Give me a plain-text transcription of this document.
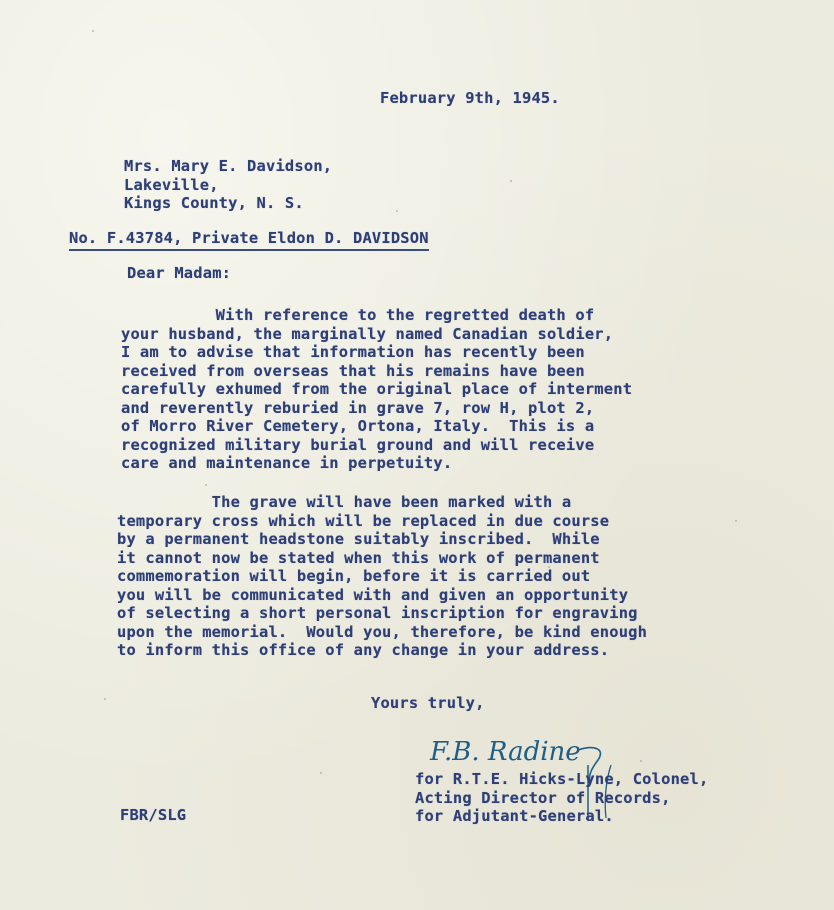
February 9th, 1945.
Mrs. Mary E. Davidson,
Lakeville,
Kings County, N. S.
No. F.43784, Private Eldon D. DAVIDSON
Dear Madam:
With reference to the regretted death of
your husband, the marginally named Canadian soldier,
I am to advise that information has recently been
received from overseas that his remains have been
carefully exhumed from the original place of interment
and reverently reburied in grave 7, row H, plot 2,
of Morro River Cemetery, Ortona, Italy.  This is a
recognized military burial ground and will receive
care and maintenance in perpetuity.
The grave will have been marked with a
temporary cross which will be replaced in due course
by a permanent headstone suitably inscribed.  While
it cannot now be stated when this work of permanent
commemoration will begin, before it is carried out
you will be communicated with and given an opportunity
of selecting a short personal inscription for engraving
upon the memorial.  Would you, therefore, be kind enough
to inform this office of any change in your address.
Yours truly,
F.B. Radine
for R.T.E. Hicks-Lyne, Colonel,
Acting Director of Records,
for Adjutant-General.
FBR/SLG
